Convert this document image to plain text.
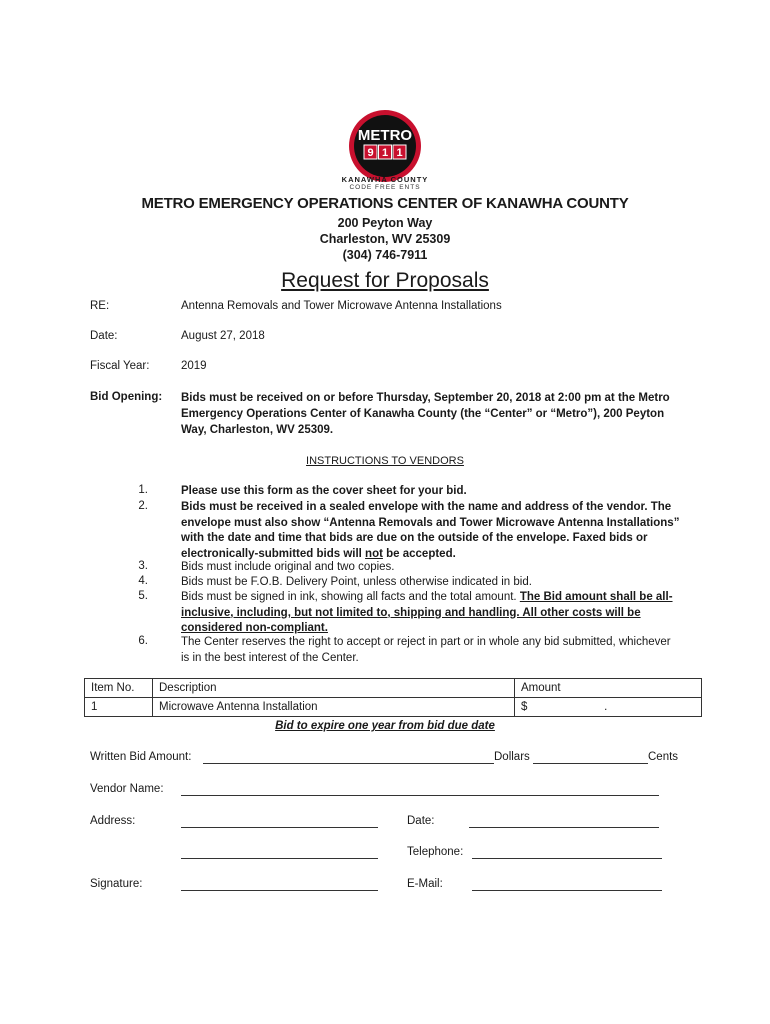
METRO
9 1 1
KANAWHA COUNTY
CODE FREE ENTS
METRO EMERGENCY OPERATIONS CENTER OF KANAWHA COUNTY
200 Peyton Way
Charleston, WV 25309
(304) 746-7911
Request for Proposals
RE:	Antenna Removals and Tower Microwave Antenna Installations
Date:	August 27, 2018
Fiscal Year:	2019
Bid Opening: Bids must be received on or before Thursday, September 20, 2018 at 2:00 pm at the Metro Emergency Operations Center of Kanawha County (the “Center” or “Metro”), 200 Peyton Way, Charleston, WV 25309.
INSTRUCTIONS TO VENDORS
1.	Please use this form as the cover sheet for your bid.
2.	Bids must be received in a sealed envelope with the name and address of the vendor. The envelope must also show “Antenna Removals and Tower Microwave Antenna Installations” with the date and time that bids are due on the outside of the envelope. Faxed bids or electronically-submitted bids will not be accepted.
3.	Bids must include original and two copies.
4.	Bids must be F.O.B. Delivery Point, unless otherwise indicated in bid.
5.	Bids must be signed in ink, showing all facts and the total amount. The Bid amount shall be all-inclusive, including, but not limited to, shipping and handling. All other costs will be considered non-compliant.
6.	The Center reserves the right to accept or reject in part or in whole any bid submitted, whichever is in the best interest of the Center.
Item No.	Description	Amount
1	Microwave Antenna Installation	$                        .
Bid to expire one year from bid due date
Written Bid Amount:	Dollars	Cents
Vendor Name:
Address:	Date:
Telephone:
Signature:	E-Mail:
